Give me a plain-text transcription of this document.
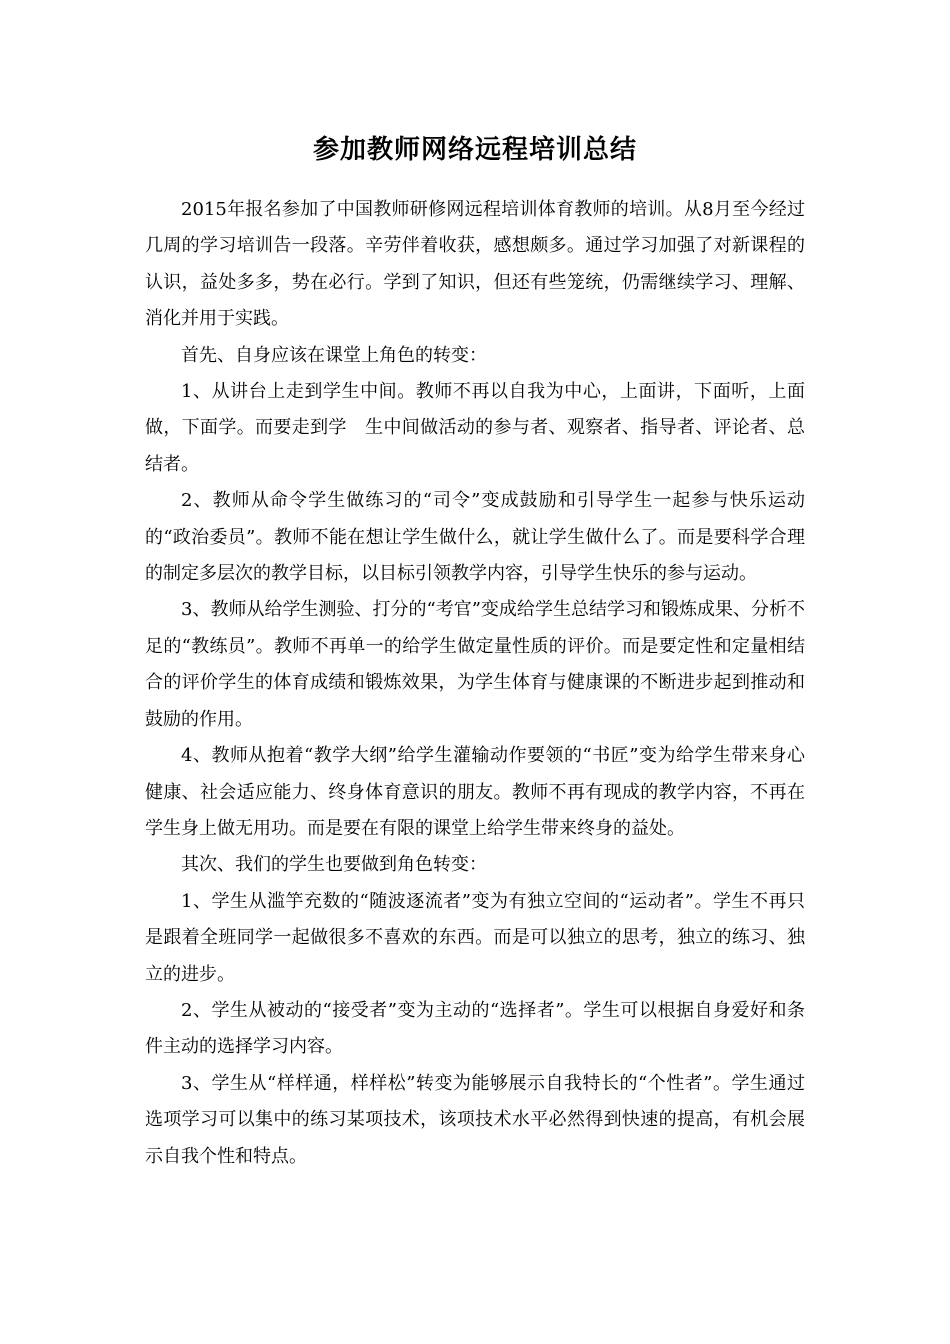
参加教师网络远程培训总结

2015年报名参加了中国教师研修网远程培训体育教师的培训。从8月至今经过几周的学习培训告一段落。辛劳伴着收获，感想颇多。通过学习加强了对新课程的认识，益处多多，势在必行。学到了知识，但还有些笼统，仍需继续学习、理解、消化并用于实践。

首先、自身应该在课堂上角色的转变：

1、从讲台上走到学生中间。教师不再以自我为中心，上面讲，下面听，上面做，下面学。而要走到学　生中间做活动的参与者、观察者、指导者、评论者、总结者。

2、教师从命令学生做练习的“司令”变成鼓励和引导学生一起参与快乐运动的“政治委员”。教师不能在想让学生做什么，就让学生做什么了。而是要科学合理的制定多层次的教学目标，以目标引领教学内容，引导学生快乐的参与运动。

3、教师从给学生测验、打分的“考官”变成给学生总结学习和锻炼成果、分析不足的“教练员”。教师不再单一的给学生做定量性质的评价。而是要定性和定量相结合的评价学生的体育成绩和锻炼效果，为学生体育与健康课的不断进步起到推动和鼓励的作用。

4、教师从抱着“教学大纲”给学生灌输动作要领的“书匠”变为给学生带来身心健康、社会适应能力、终身体育意识的朋友。教师不再有现成的教学内容，不再在学生身上做无用功。而是要在有限的课堂上给学生带来终身的益处。

其次、我们的学生也要做到角色转变：

1、学生从滥竽充数的“随波逐流者”变为有独立空间的“运动者”。学生不再只是跟着全班同学一起做很多不喜欢的东西。而是可以独立的思考，独立的练习、独立的进步。

2、学生从被动的“接受者”变为主动的“选择者”。学生可以根据自身爱好和条件主动的选择学习内容。

3、学生从“样样通，样样松”转变为能够展示自我特长的“个性者”。学生通过选项学习可以集中的练习某项技术，该项技术水平必然得到快速的提高，有机会展示自我个性和特点。
